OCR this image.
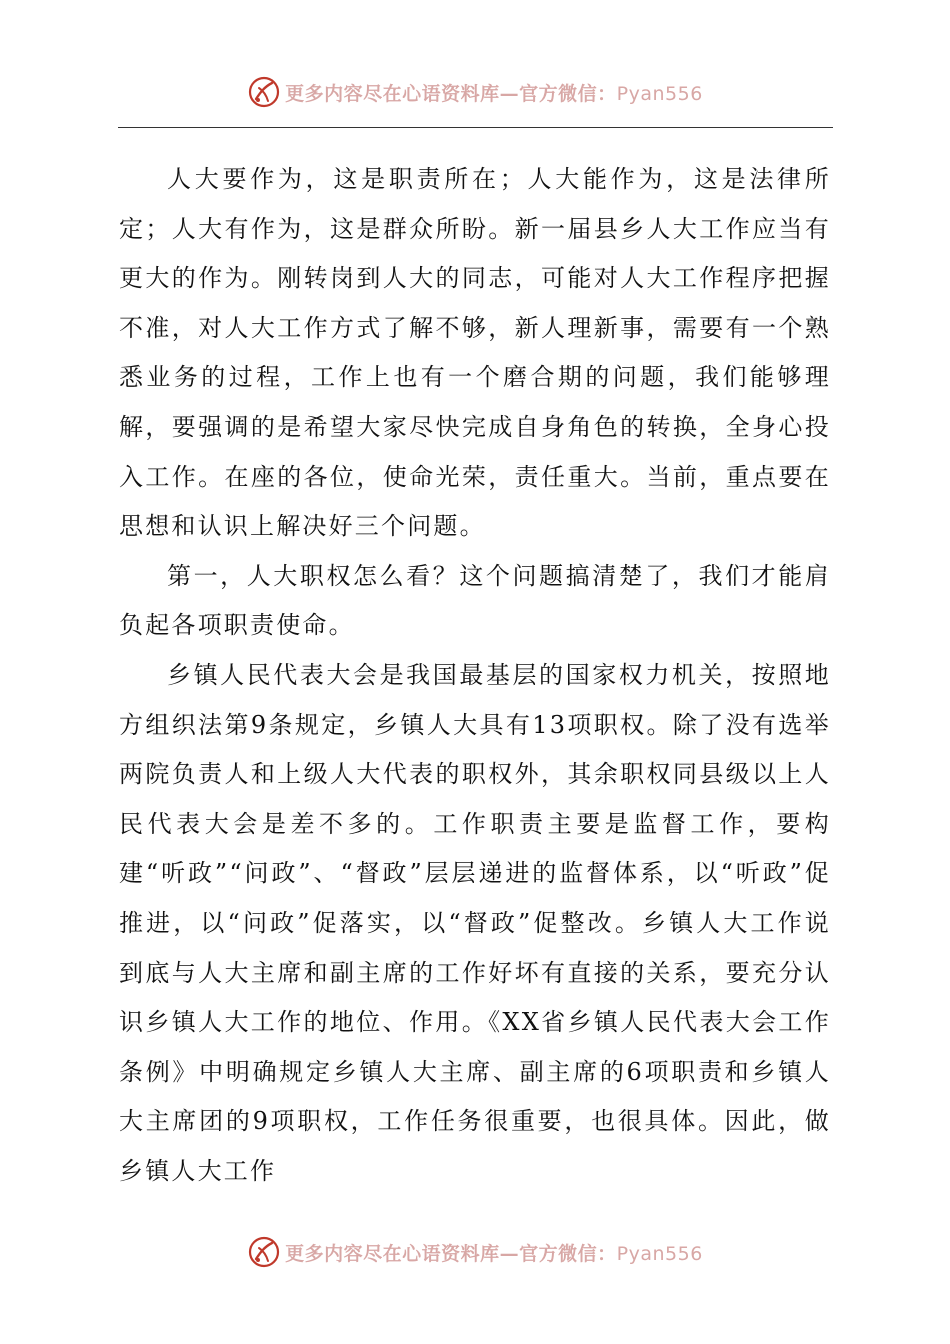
更多内容尽在心语资料库—官方微信：Pyan556

人大要作为，这是职责所在；人大能作为，这是法律所定；人大有作为，这是群众所盼。新一届县乡人大工作应当有更大的作为。刚转岗到人大的同志，可能对人大工作程序把握不准，对人大工作方式了解不够，新人理新事，需要有一个熟悉业务的过程，工作上也有一个磨合期的问题，我们能够理解，要强调的是希望大家尽快完成自身角色的转换，全身心投入工作。在座的各位，使命光荣，责任重大。当前，重点要在思想和认识上解决好三个问题。

第一，人大职权怎么看？这个问题搞清楚了，我们才能肩负起各项职责使命。

乡镇人民代表大会是我国最基层的国家权力机关，按照地方组织法第9条规定，乡镇人大具有13项职权。除了没有选举两院负责人和上级人大代表的职权外，其余职权同县级以上人民代表大会是差不多的。工作职责主要是监督工作，要构建“听政”“问政”、“督政”层层递进的监督体系，以“听政”促推进，以“问政”促落实，以“督政”促整改。乡镇人大工作说到底与人大主席和副主席的工作好坏有直接的关系，要充分认识乡镇人大工作的地位、作用。《XX省乡镇人民代表大会工作条例》中明确规定乡镇人大主席、副主席的6项职责和乡镇人大主席团的9项职权，工作任务很重要，也很具体。因此，做乡镇人大工作

更多内容尽在心语资料库—官方微信：Pyan556
